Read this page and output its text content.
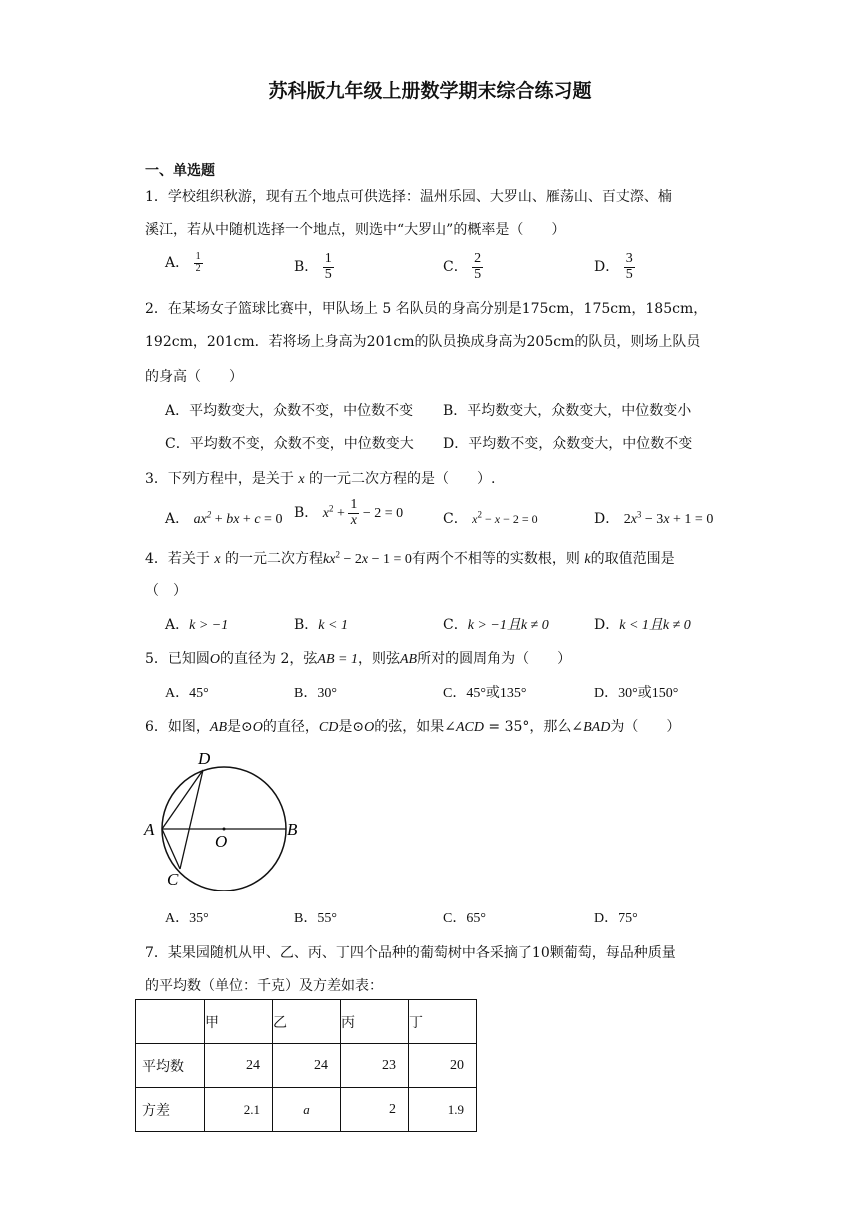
苏科版九年级上册数学期末综合练习题
一、单选题
1．学校组织秋游，现有五个地点可供选择：温州乐园、大罗山、雁荡山、百丈漈、楠
溪江，若从中随机选择一个地点，则选中“大罗山”的概率是（　　）
A． $\frac{1}{2}$	B． $\frac{1}{5}$	C． $\frac{2}{5}$	D． $\frac{3}{5}$
2．在某场女子篮球比赛中，甲队场上 5 名队员的身高分别是175cm，175cm，185cm，
192cm，201cm．若将场上身高为201cm的队员换成身高为205cm的队员，则场上队员
的身高（　　）
A．平均数变大，众数不变，中位数不变 B．平均数变大，众数变大，中位数变小
C．平均数不变，众数不变，中位数变大 D．平均数不变，众数变大，中位数不变
3．下列方程中，是关于 x 的一元二次方程的是（　　）.
A． $ax^2$ + bx + c = 0 B． $x^2 + \frac{1}{x} - 2 = 0$	C． $x^2 - x - 2 = 0$	D． $2x^3 - 3x + 1 = 0$
4．若关于 x 的一元二次方程$kx^2 - 2x - 1 = 0$有两个不相等的实数根，则 k的取值范围是
（　）
A．k > −1	B．k < 1	C．k > −1且k ≠ 0	D．k < 1且k ≠ 0
5．已知圆O的直径为 2，弦AB = 1，则弦AB所对的圆周角为（　　）
A．45°	B．30°	C．45°或135°	D．30°或150°
6．如图，AB是⊙O的直径，CD是⊙O的弦，如果∠ACD = 35°，那么∠BAD为（　　）
D
A	B
O
C
A．35°	B．55°	C．65°	D．75°
7．某果园随机从甲、乙、丙、丁四个品种的葡萄树中各采摘了10颗葡萄，每品种质量
的平均数（单位：千克）及方差如表：
	甲	乙	丙	丁
平均数	24	24	23	20
方差	2.1	a	2	1.9
